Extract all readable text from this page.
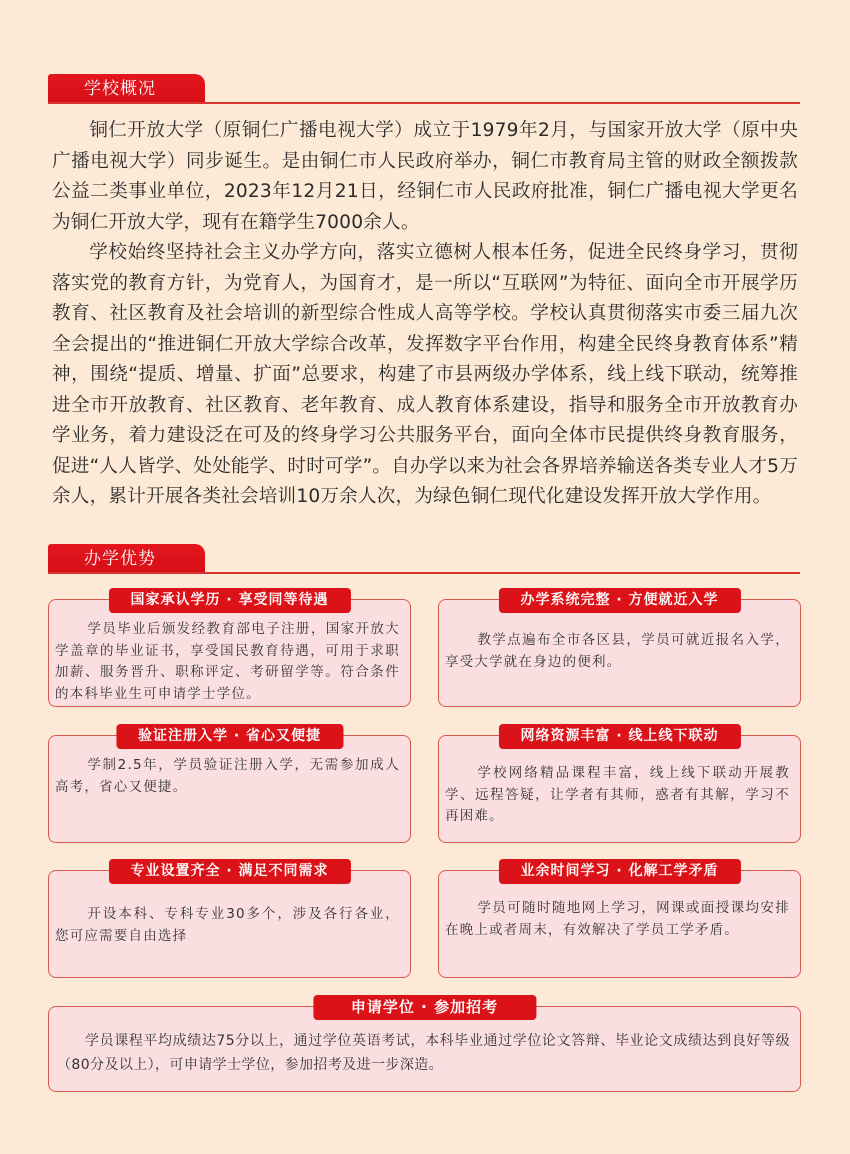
学校概况

铜仁开放大学（原铜仁广播电视大学）成立于1979年2月，与国家开放大学（原中央广播电视大学）同步诞生。是由铜仁市人民政府举办，铜仁市教育局主管的财政全额拨款公益二类事业单位，2023年12月21日，经铜仁市人民政府批准，铜仁广播电视大学更名为铜仁开放大学，现有在籍学生7000余人。

学校始终坚持社会主义办学方向，落实立德树人根本任务，促进全民终身学习，贯彻落实党的教育方针，为党育人，为国育才，是一所以“互联网”为特征、面向全市开展学历教育、社区教育及社会培训的新型综合性成人高等学校。学校认真贯彻落实市委三届九次全会提出的“推进铜仁开放大学综合改革，发挥数字平台作用，构建全民终身教育体系”精神，围绕“提质、增量、扩面”总要求，构建了市县两级办学体系，线上线下联动，统筹推进全市开放教育、社区教育、老年教育、成人教育体系建设，指导和服务全市开放教育办学业务，着力建设泛在可及的终身学习公共服务平台，面向全体市民提供终身教育服务，促进“人人皆学、处处能学、时时可学”。自办学以来为社会各界培养输送各类专业人才5万余人，累计开展各类社会培训10万余人次，为绿色铜仁现代化建设发挥开放大学作用。

办学优势
国家承认学历 · 享受同等待遇
学员毕业后颁发经教育部电子注册，国家开放大学盖章的毕业证书，享受国民教育待遇，可用于求职加薪、服务晋升、职称评定、考研留学等。符合条件的本科毕业生可申请学士学位。
办学系统完整 · 方便就近入学
教学点遍布全市各区县，学员可就近报名入学，享受大学就在身边的便利。
验证注册入学 · 省心又便捷
学制2.5年，学员验证注册入学，无需参加成人高考，省心又便捷。
网络资源丰富 · 线上线下联动
学校网络精品课程丰富，线上线下联动开展教学、远程答疑，让学者有其师，惑者有其解，学习不再困难。
专业设置齐全 · 满足不同需求
开设本科、专科专业30多个，涉及各行各业，您可应需要自由选择
业余时间学习 · 化解工学矛盾
学员可随时随地网上学习，网课或面授课均安排在晚上或者周末，有效解决了学员工学矛盾。
申请学位 · 参加招考
学员课程平均成绩达75分以上，通过学位英语考试，本科毕业通过学位论文答辩、毕业论文成绩达到良好等级（80分及以上），可申请学士学位，参加招考及进一步深造。
